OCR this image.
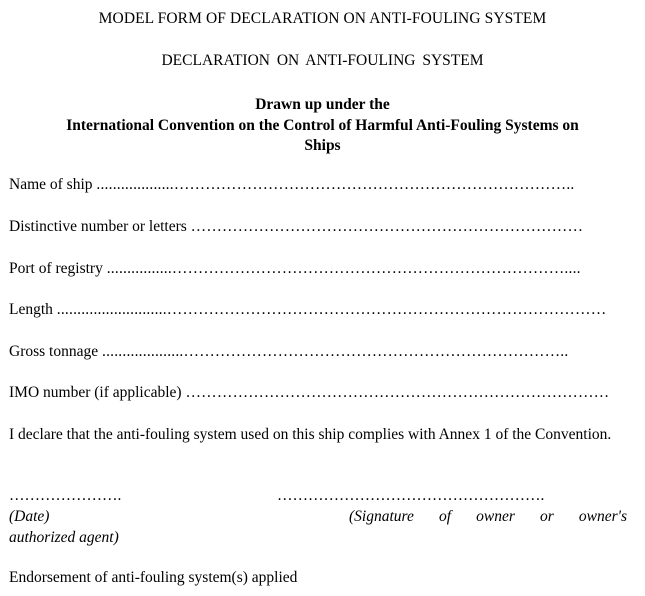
MODEL FORM OF DECLARATION ON ANTI-FOULING SYSTEM
DECLARATION ON ANTI-FOULING SYSTEM
Drawn up under the
International Convention on the Control of Harmful Anti-Fouling Systems on
Ships
Name of ship ...................…………………………………………………………………..
Distinctive number or letters …………………………………………………………………
Port of registry ................…………………………………………………………………....
Length ...........................…………………………………………………………………………
Gross tonnage ....................………………………………………………………………..
IMO number (if applicable) ………………………………………………………………………
I declare that the anti-fouling system used on this ship complies with Annex 1 of the Convention.
………………….	…………………………………………….
(Date)	(Signature of owner or owner's
authorized agent)
Endorsement of anti-fouling system(s) applied
